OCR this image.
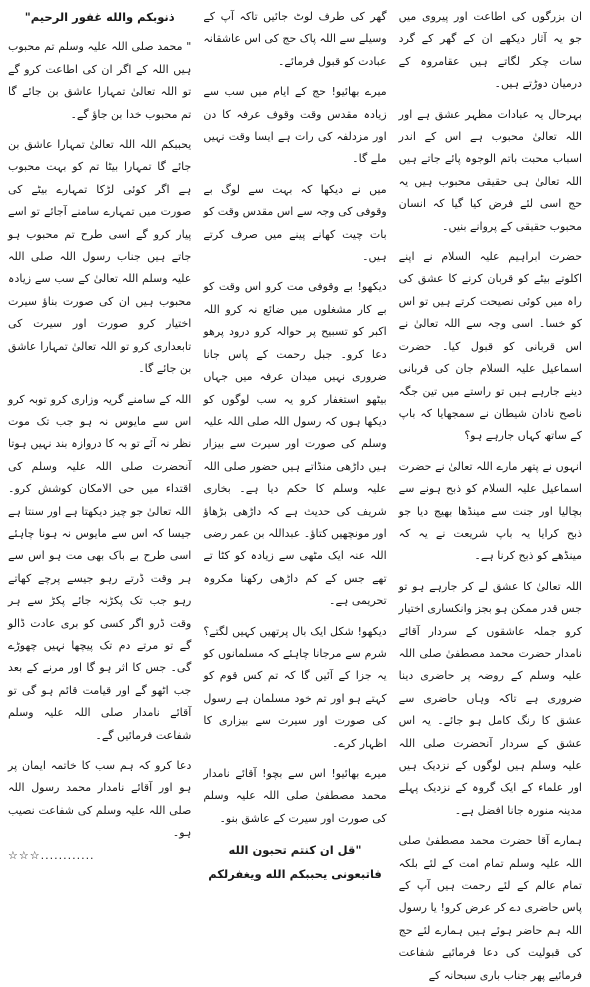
ان بزرگوں کی اطاعت اور پیروی میں جو یہ آثار دیکھے ان کے گھر کے گرد سات چکر لگاتے ہیں عقامروہ کے درمیان دوڑتے ہیں۔

بہرحال یہ عبادات مظہر عشق ہے اور اللہ تعالیٰ محبوب ہے اس کے اندر اسباب محبت باتم الوجوہ پائے جاتے ہیں اللہ تعالیٰ ہی حقیقی محبوب ہیں یہ حج اسی لئے فرض کیا گیا کہ انسان محبوب حقیقی کے پروانے بنیں۔

حضرت ابراہیم علیہ السلام نے اپنے اکلوتے بیٹے کو قربان کرنے کا عشق کی راہ میں کوئی نصیحت کرتے ہیں تو اس کو خسا۔ اسی وجہ سے اللہ تعالیٰ نے اس قربانی کو قبول کیا۔ حضرت اسماعیل علیہ السلام جان کی قربانی دینے جارہے ہیں تو راستے میں تین جگہ ناصح نادان شیطان نے سمجھایا کہ باپ کے ساتھ کہاں جارہے ہو؟

انہوں نے پتھر مارے اللہ تعالیٰ نے حضرت اسماعیل علیہ السلام کو ذبح ہونے سے بچالیا اور جنت سے مینڈھا بھیج دیا جو ذبح کرایا یہ باپ شریعت نے یہ کہ مینڈھے کو ذبح کرنا ہے۔

اللہ تعالیٰ کا عشق لے کر جارہے ہو تو جس قدر ممکن ہو بجز وانکساری اختیار کرو جملہ عاشقوں کے سردار آقائے نامدار حضرت محمد مصطفیٰ صلی اللہ علیہ وسلم کے روضہ پر حاضری دینا ضروری ہے تاکہ وہاں حاضری سے عشق کا رنگ کامل ہو جائے۔ یہ اس عشق کے سردار آنحضرت صلی اللہ علیہ وسلم ہیں لوگوں کے نزدیک ہیں اور علماء کے ایک گروہ کے نزدیک پہلے مدینہ منورہ جانا افضل ہے۔

ہمارے آقا حضرت محمد مصطفیٰ صلی اللہ علیہ وسلم تمام امت کے لئے بلکہ تمام عالم کے لئے رحمت ہیں آپ کے پاس حاضری دے کر عرض کرو! یا رسول اللہ ہم حاضر ہوئے ہیں ہمارے لئے حج کی قبولیت کی دعا فرمائیے شفاعت فرمائیے پھر جناب باری سبحانہ کے

گھر کی طرف لوٹ جائیں تاکہ آپ کے وسیلے سے اللہ پاک حج کی اس عاشقانہ عبادت کو قبول فرمائے۔

میرے بھائیو! حج کے ایام میں سب سے زیادہ مقدس وقت وقوف عرفہ کا دن اور مزدلفہ کی رات ہے ایسا وقت نہیں ملے گا۔

میں نے دیکھا کہ بہت سے لوگ بے وقوفی کی وجہ سے اس مقدس وقت کو بات چیت کھانے پینے میں صرف کرتے ہیں۔

دیکھو! بے وقوفی مت کرو اس وقت کو بے کار مشغلوں میں ضائع نہ کرو اللہ اکبر کو تسبیح پر حوالہ کرو درود پرھو دعا کرو۔ جبل رحمت کے پاس جانا ضروری نہیں میدان عرفہ میں جہاں بیٹھو استغفار کرو یہ سب لوگوں کو دیکھا ہوں کہ رسول اللہ صلی اللہ علیہ وسلم کی صورت اور سیرت سے بیزار ہیں داڑھی منڈاتے ہیں حضور صلی اللہ علیہ وسلم کا حکم دیا ہے۔ بخاری شریف کی حدیث ہے کہ داڑھی بڑھاؤ اور مونچھیں کتاؤ۔ عبداللہ بن عمر رضی اللہ عنہ ایک مٹھی سے زیادہ کو کٹا تے تھے جس کے کم داڑھی رکھنا مکروہ تحریمی ہے۔

دیکھو! شکل ایک بال پرتھیں کہیں لگتے؟ شرم سے مرجانا چاہئے کہ مسلمانوں کو یہ جزا کے آئیں گا کہ تم کس قوم کو کہتے ہو اور تم خود مسلمان ہے رسول کی صورت اور سیرت سے بیزاری کا اظہار کرے۔

میرے بھائیو! اس سے بچو! آقائے نامدار محمد مصطفیٰ صلی اللہ علیہ وسلم کی صورت اور سیرت کے عاشق بنو۔

"قل ان کنتم تحبون الله

فاتبعونی یحببکم الله ویغفرلکم

ذنوبکم والله غفور الرحیم"

" محمد صلی اللہ علیہ وسلم تم محبوب ہیں اللہ کے اگر ان کی اطاعت کرو گے تو اللہ تعالیٰ تمہارا عاشق بن جائے گا تم محبوب خدا بن جاؤ گے۔

یحببکم اللہ اللہ تعالیٰ تمہارا عاشق بن جائے گا تمہارا بیٹا تم کو بہت محبوب ہے اگر کوئی لڑکا تمہارے بیٹے کی صورت میں تمہارے سامنے آجائے تو اسے پیار کرو گے اسی طرح تم محبوب ہو جاتے ہیں جناب رسول اللہ صلی اللہ علیہ وسلم اللہ تعالیٰ کے سب سے زیادہ محبوب ہیں ان کی صورت بناؤ سیرت اختیار کرو صورت اور سیرت کی تابعداری کرو تو اللہ تعالیٰ تمہارا عاشق بن جائے گا۔

اللہ کے سامنے گریہ وزاری کرو توبہ کرو اس سے مایوس نہ ہو جب تک موت نظر نہ آئے تو بہ کا دروازہ بند نہیں ہوتا آنحضرت صلی اللہ علیہ وسلم کی اقتداء میں حی الامکان کوشش کرو۔ اللہ تعالیٰ جو چیز دیکھتا ہے اور سنتا ہے جیسا کہ اس سے مایوس نہ ہونا چاہئے اسی طرح بے باک بھی مت ہو اس سے ہر وقت ڈرتے رہو جیسے پرچے کھاتے رہو جب تک پکڑنہ جائے پکڑ سے ہر وقت ڈرو اگر کسی کو بری عادت ڈالو گے تو مرتے دم تک پیچھا نہیں چھوڑے گی۔ جس کا اثر ہو گا اور مرنے کے بعد جب اٹھو گے اور قیامت قائم ہو گی تو آقائے نامدار صلی اللہ علیہ وسلم شفاعت فرمائیں گے۔

دعا کرو کہ ہم سب کا خاتمہ ایمان پر ہو اور آقائے نامدار محمد رسول اللہ صلی اللہ علیہ وسلم کی شفاعت نصیب ہو۔

☆☆☆............
